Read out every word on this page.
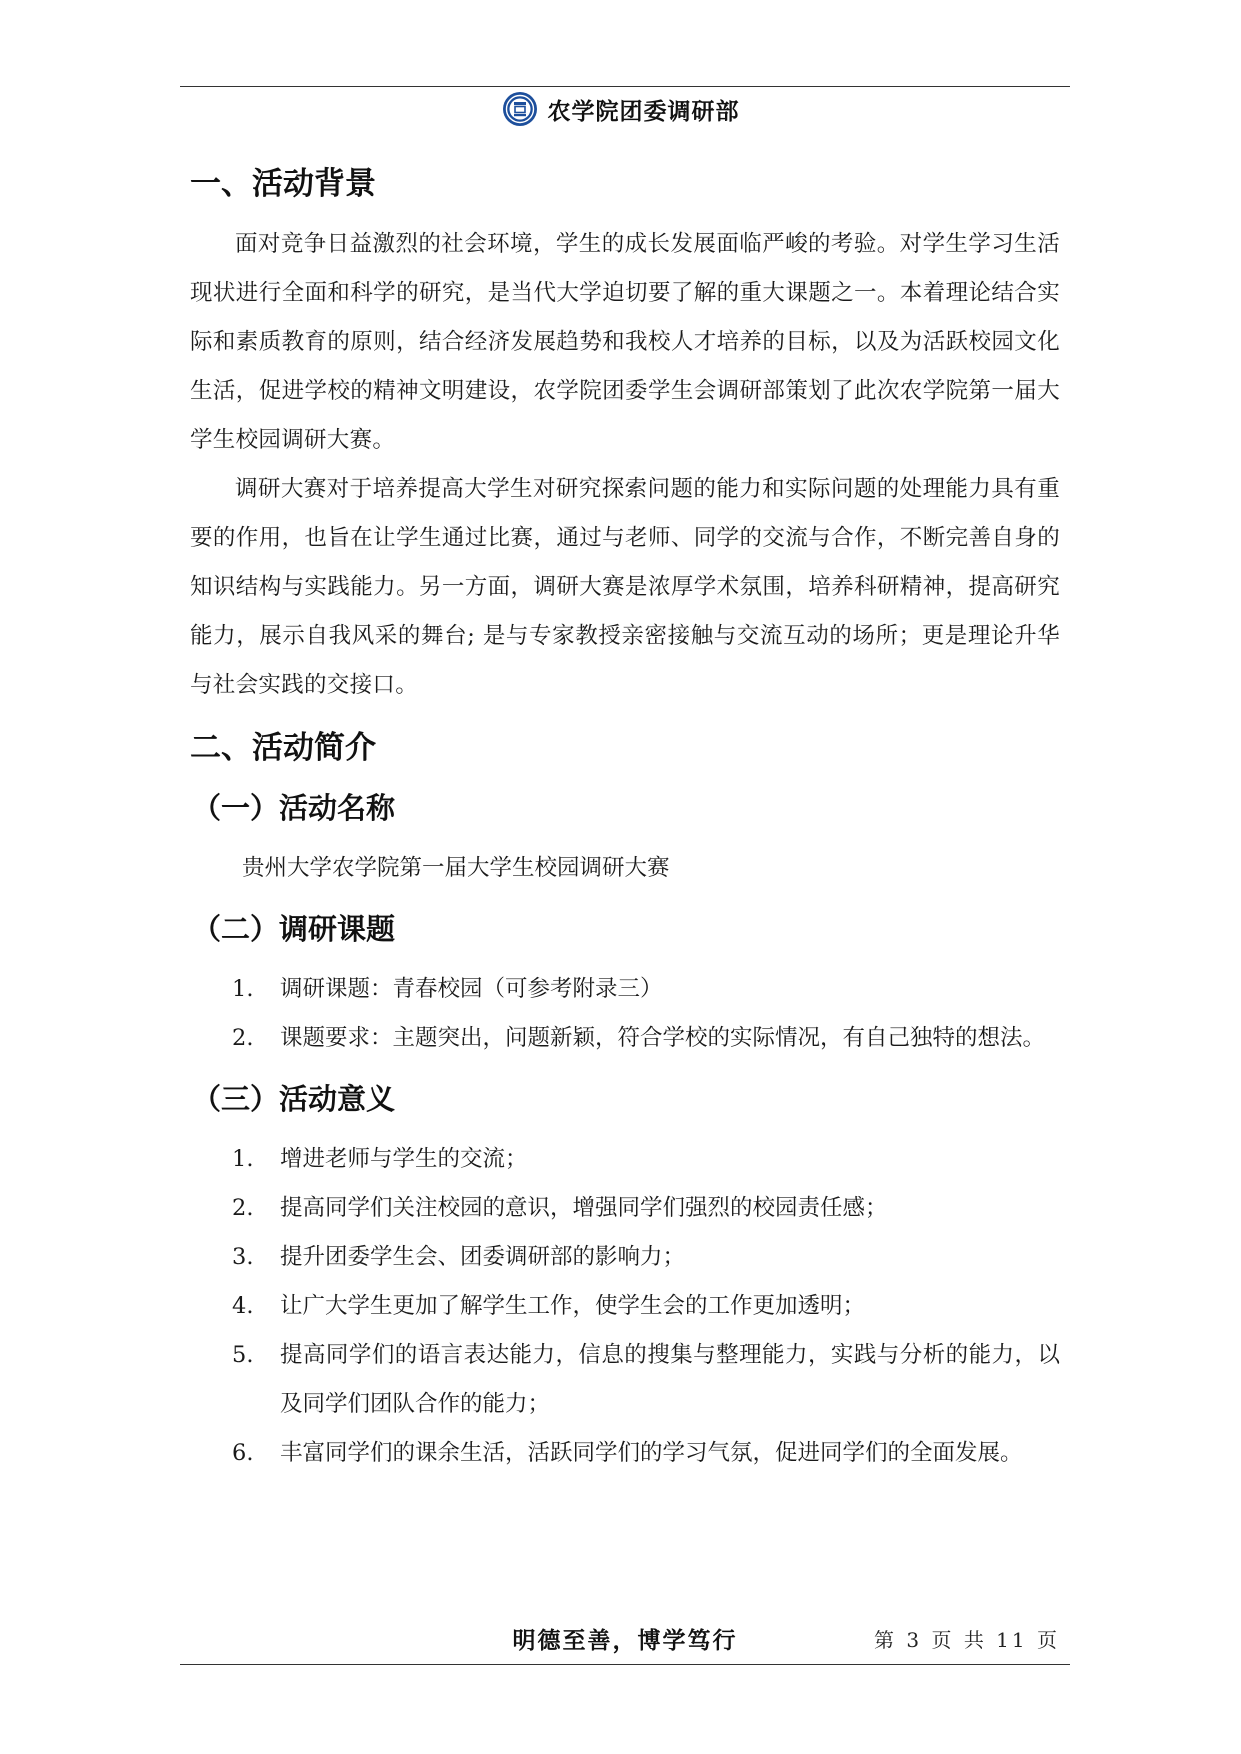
农学院团委调研部
一、活动背景

面对竞争日益激烈的社会环境，学生的成长发展面临严峻的考验。对学生学习生活现状进行全面和科学的研究，是当代大学迫切要了解的重大课题之一。本着理论结合实际和素质教育的原则，结合经济发展趋势和我校人才培养的目标，以及为活跃校园文化生活，促进学校的精神文明建设，农学院团委学生会调研部策划了此次农学院第一届大学生校园调研大赛。

调研大赛对于培养提高大学生对研究探索问题的能力和实际问题的处理能力具有重要的作用，也旨在让学生通过比赛，通过与老师、同学的交流与合作，不断完善自身的知识结构与实践能力。另一方面，调研大赛是浓厚学术氛围，培养科研精神，提高研究能力，展示自我风采的舞台; 是与专家教授亲密接触与交流互动的场所；更是理论升华与社会实践的交接口。

二、活动简介
（一）活动名称

贵州大学农学院第一届大学生校园调研大赛

（二）调研课题
1.	调研课题：青春校园（可参考附录三）
2.	课题要求：主题突出，问题新颖，符合学校的实际情况，有自己独特的想法。
（三）活动意义
1.	增进老师与学生的交流；
2.	提高同学们关注校园的意识，增强同学们强烈的校园责任感；
3.	提升团委学生会、团委调研部的影响力；
4.	让广大学生更加了解学生工作，使学生会的工作更加透明；
5.	提高同学们的语言表达能力，信息的搜集与整理能力，实践与分析的能力，以及同学们团队合作的能力；
6.	丰富同学们的课余生活，活跃同学们的学习气氛，促进同学们的全面发展。
明德至善，博学笃行	第 3 页 共 11 页
